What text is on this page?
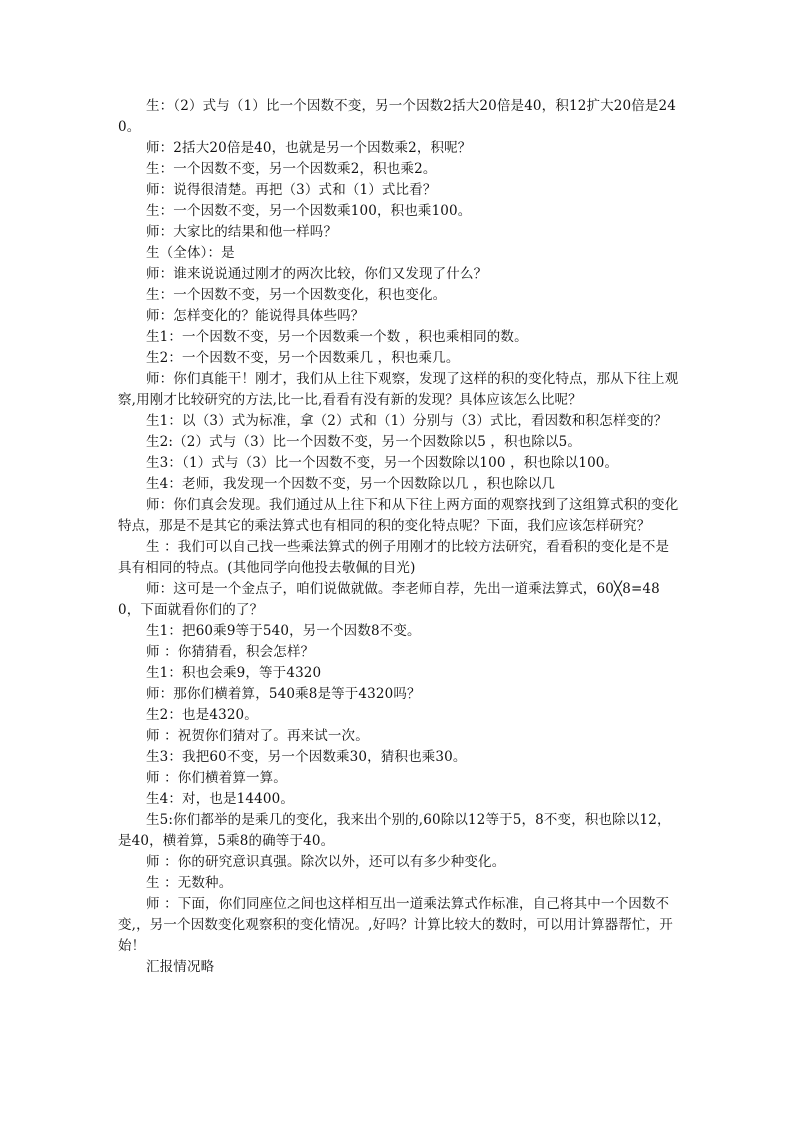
生：（2）式与（1）比一个因数不变，另一个因数2括大20倍是40，积12扩大20倍是240。

师：2括大20倍是40，也就是另一个因数乘2，积呢？

生：一个因数不变，另一个因数乘2，积也乘2。

师：说得很清楚。再把（3）式和（1）式比看？

生：一个因数不变，另一个因数乘100，积也乘100。

师：大家比的结果和他一样吗？

生（全体）：是

师：谁来说说通过刚才的两次比较，你们又发现了什么？

生：一个因数不变，另一个因数变化，积也变化。

师：怎样变化的？能说得具体些吗？

生1：一个因数不变，另一个因数乘一个数 ，积也乘相同的数。

生2：一个因数不变，另一个因数乘几 ，积也乘几。

师：你们真能干！刚才，我们从上往下观察，发现了这样的积的变化特点，那从下往上观察,用刚才比较研究的方法,比一比,看看有没有新的发现？具体应该怎么比呢？

生1：以（3）式为标准，拿（2）式和（1）分别与（3）式比，看因数和积怎样变的？

生2:（2）式与（3）比一个因数不变，另一个因数除以5 ，积也除以5。

生3：（1）式与（3）比一个因数不变，另一个因数除以100 ，积也除以100。

生4：老师，我发现一个因数不变，另一个因数除以几 ，积也除以几

师：你们真会发现。我们通过从上往下和从下往上两方面的观察找到了这组算式积的变化特点，那是不是其它的乘法算式也有相同的积的变化特点呢？下面，我们应该怎样研究？

生 ：我们可以自己找一些乘法算式的例子用刚才的比较方法研究，看看积的变化是不是具有相同的特点。(其他同学向他投去敬佩的目光)

师：这可是一个金点子，咱们说做就做。李老师自荐，先出一道乘法算式，60╳8=480，下面就看你们的了？

生1：把60乘9等于540，另一个因数8不变。

师 ：你猜猜看，积会怎样？

生1：积也会乘9，等于4320

师：那你们横着算，540乘8是等于4320吗？

生2：也是4320。

师 ：祝贺你们猜对了。再来试一次。

生3：我把60不变，另一个因数乘30，猜积也乘30。

师 ：你们横着算一算。

生4：对，也是14400。

生5:你们都举的是乘几的变化，我来出个别的,60除以12等于5，8不变，积也除以12，是40，横着算，5乘8的确等于40。

师 ：你的研究意识真强。除次以外，还可以有多少种变化。

生 ：无数种。

师 ：下面，你们同座位之间也这样相互出一道乘法算式作标准，自己将其中一个因数不变,，另一个因数变化观察积的变化情况。,好吗？计算比较大的数时，可以用计算器帮忙，开始！

汇报情况略
